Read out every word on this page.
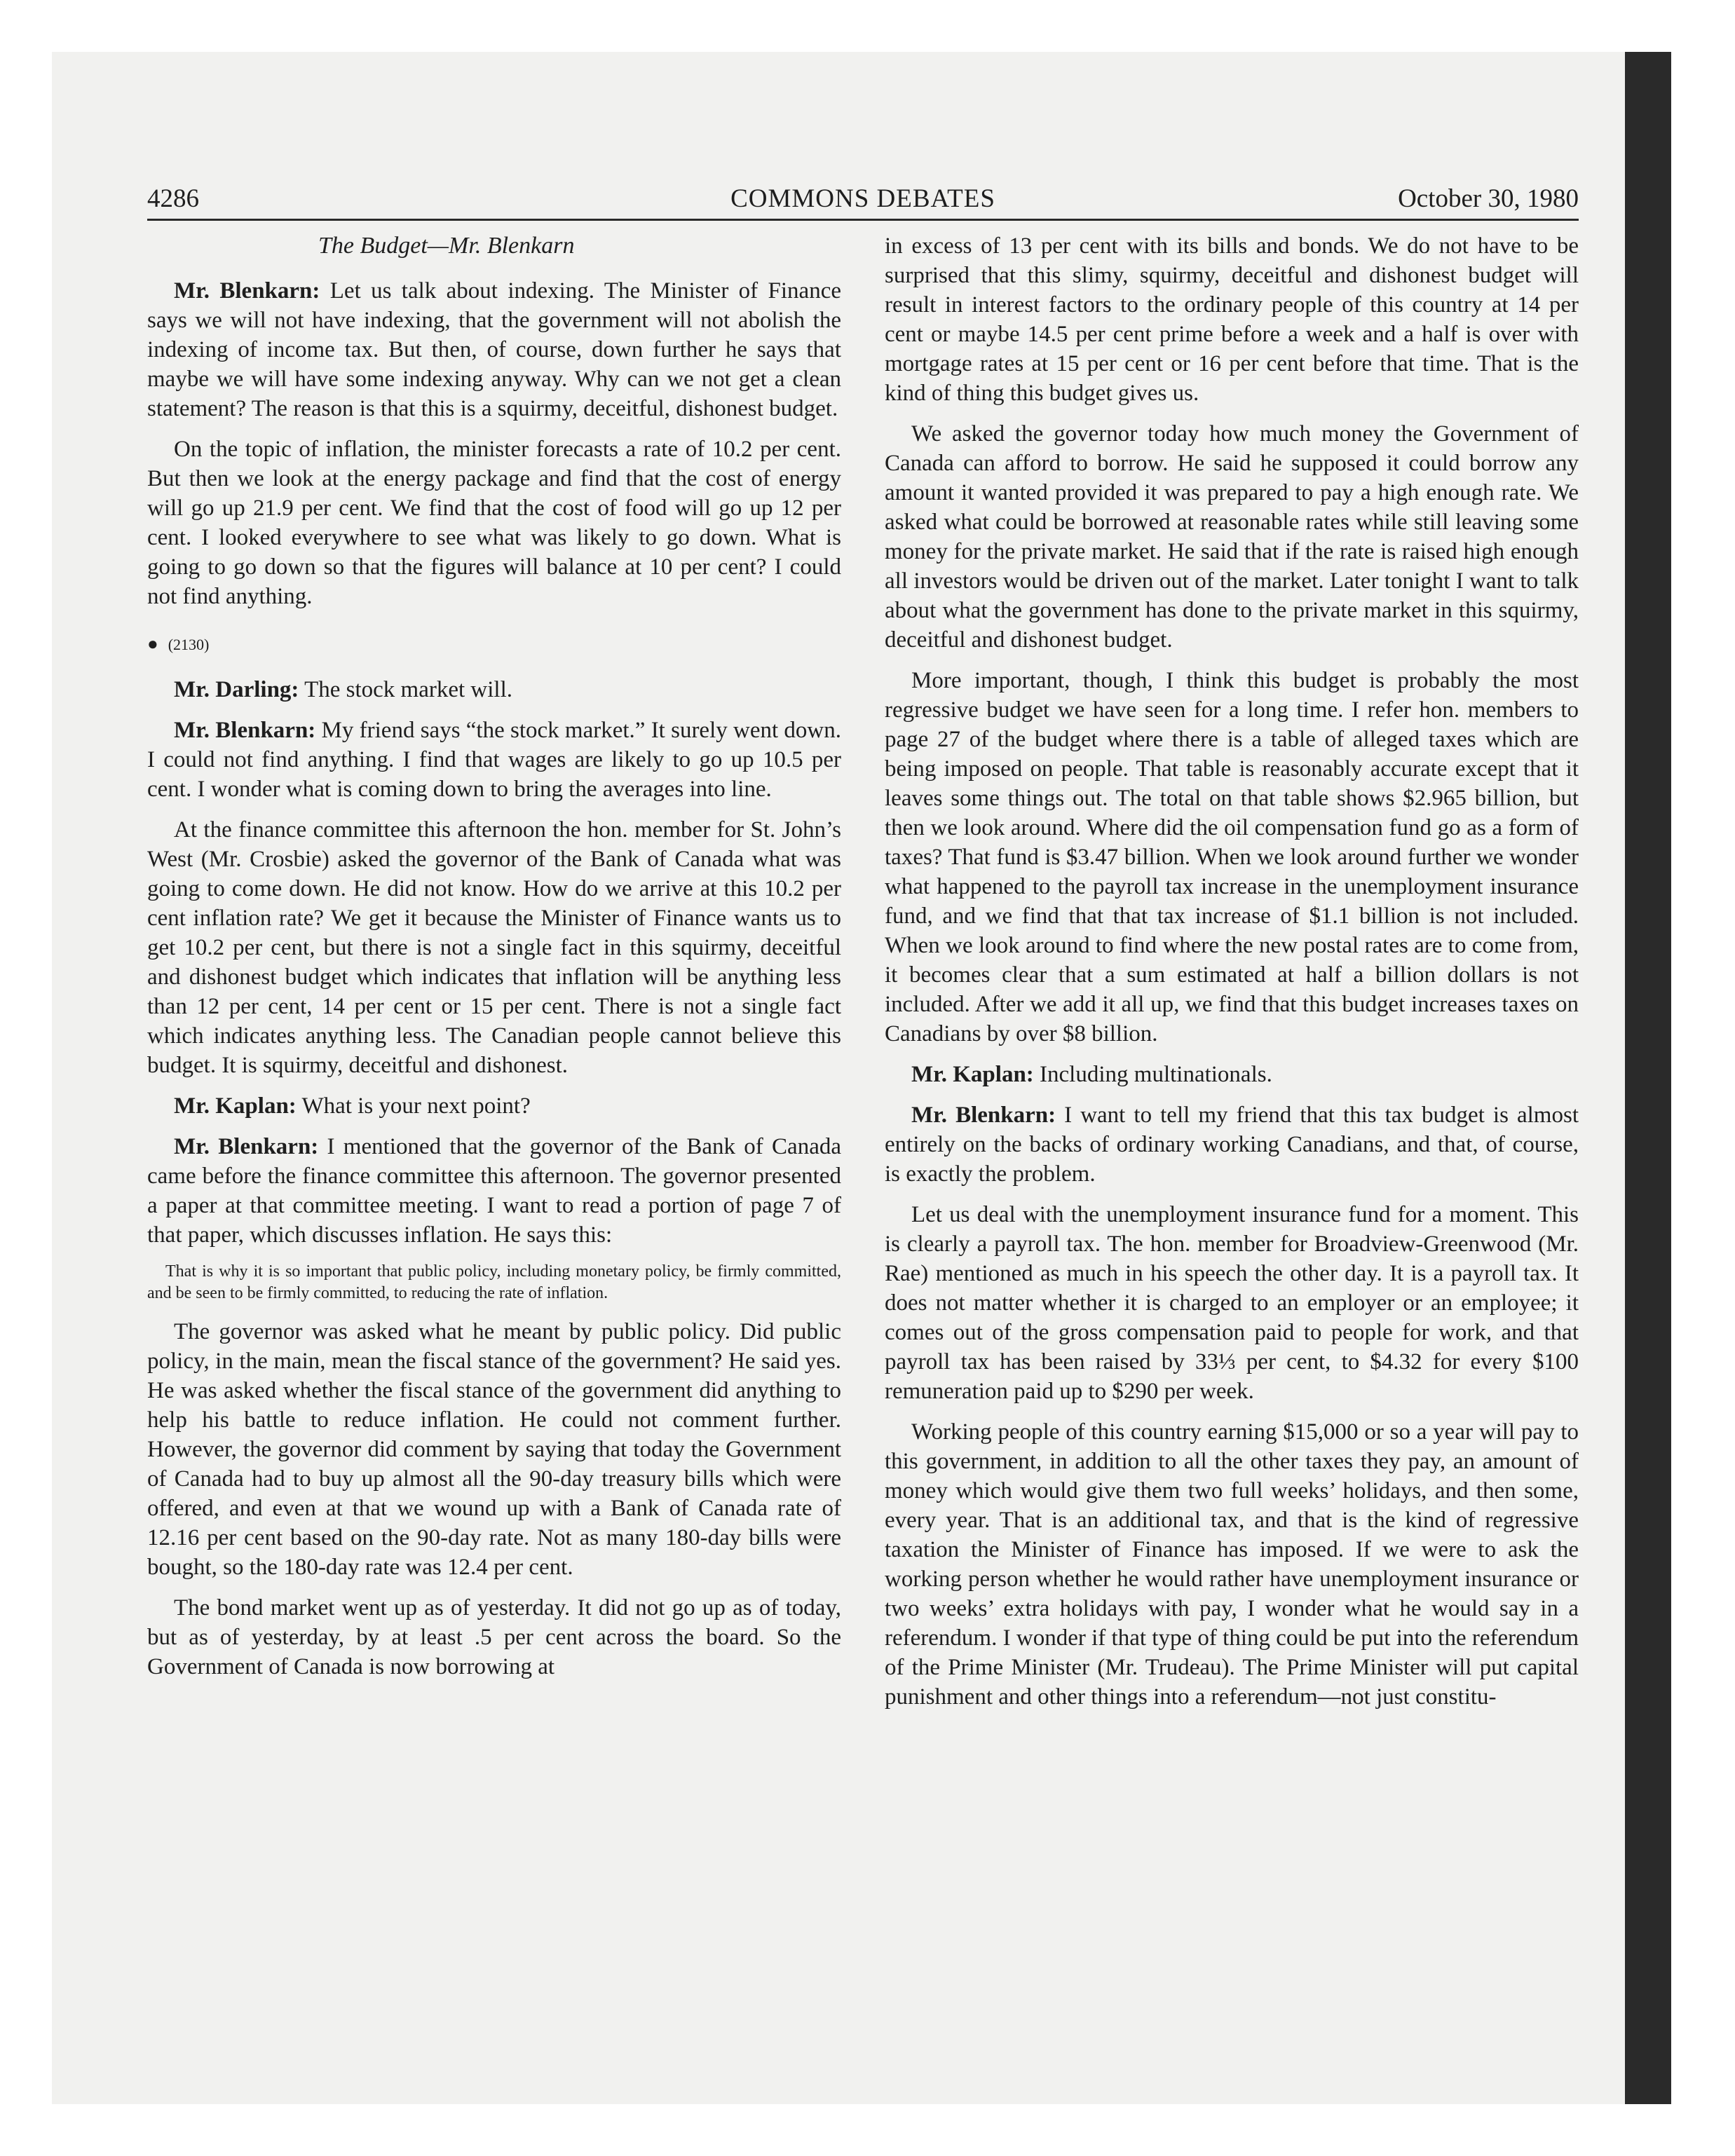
4286	COMMONS DEBATES	October 30, 1980
The Budget—Mr. Blenkarn

Mr. Blenkarn: Let us talk about indexing. The Minister of Finance says we will not have indexing, that the government will not abolish the indexing of income tax. But then, of course, down further he says that maybe we will have some indexing anyway. Why can we not get a clean statement? The reason is that this is a squirmy, deceitful, dishonest budget.

On the topic of inflation, the minister forecasts a rate of 10.2 per cent. But then we look at the energy package and find that the cost of energy will go up 21.9 per cent. We find that the cost of food will go up 12 per cent. I looked everywhere to see what was likely to go down. What is going to go down so that the figures will balance at 10 per cent? I could not find anything.

● (2130)

Mr. Darling: The stock market will.

Mr. Blenkarn: My friend says “the stock market.” It surely went down. I could not find anything. I find that wages are likely to go up 10.5 per cent. I wonder what is coming down to bring the averages into line.

At the finance committee this afternoon the hon. member for St. John’s West (Mr. Crosbie) asked the governor of the Bank of Canada what was going to come down. He did not know. How do we arrive at this 10.2 per cent inflation rate? We get it because the Minister of Finance wants us to get 10.2 per cent, but there is not a single fact in this squirmy, deceitful and dishonest budget which indicates that inflation will be anything less than 12 per cent, 14 per cent or 15 per cent. There is not a single fact which indicates anything less. The Canadian people cannot believe this budget. It is squirmy, deceitful and dishonest.

Mr. Kaplan: What is your next point?

Mr. Blenkarn: I mentioned that the governor of the Bank of Canada came before the finance committee this afternoon. The governor presented a paper at that committee meeting. I want to read a portion of page 7 of that paper, which discusses inflation. He says this:

That is why it is so important that public policy, including monetary policy, be firmly committed, and be seen to be firmly committed, to reducing the rate of inflation.

The governor was asked what he meant by public policy. Did public policy, in the main, mean the fiscal stance of the government? He said yes. He was asked whether the fiscal stance of the government did anything to help his battle to reduce inflation. He could not comment further. However, the governor did comment by saying that today the Government of Canada had to buy up almost all the 90-day treasury bills which were offered, and even at that we wound up with a Bank of Canada rate of 12.16 per cent based on the 90-day rate. Not as many 180-day bills were bought, so the 180-day rate was 12.4 per cent.

The bond market went up as of yesterday. It did not go up as of today, but as of yesterday, by at least .5 per cent across the board. So the Government of Canada is now borrowing at

in excess of 13 per cent with its bills and bonds. We do not have to be surprised that this slimy, squirmy, deceitful and dishonest budget will result in interest factors to the ordinary people of this country at 14 per cent or maybe 14.5 per cent prime before a week and a half is over with mortgage rates at 15 per cent or 16 per cent before that time. That is the kind of thing this budget gives us.

We asked the governor today how much money the Government of Canada can afford to borrow. He said he supposed it could borrow any amount it wanted provided it was prepared to pay a high enough rate. We asked what could be borrowed at reasonable rates while still leaving some money for the private market. He said that if the rate is raised high enough all investors would be driven out of the market. Later tonight I want to talk about what the government has done to the private market in this squirmy, deceitful and dishonest budget.

More important, though, I think this budget is probably the most regressive budget we have seen for a long time. I refer hon. members to page 27 of the budget where there is a table of alleged taxes which are being imposed on people. That table is reasonably accurate except that it leaves some things out. The total on that table shows $2.965 billion, but then we look around. Where did the oil compensation fund go as a form of taxes? That fund is $3.47 billion. When we look around further we wonder what happened to the payroll tax increase in the unemployment insurance fund, and we find that that tax increase of $1.1 billion is not included. When we look around to find where the new postal rates are to come from, it becomes clear that a sum estimated at half a billion dollars is not included. After we add it all up, we find that this budget increases taxes on Canadians by over $8 billion.

Mr. Kaplan: Including multinationals.

Mr. Blenkarn: I want to tell my friend that this tax budget is almost entirely on the backs of ordinary working Canadians, and that, of course, is exactly the problem.

Let us deal with the unemployment insurance fund for a moment. This is clearly a payroll tax. The hon. member for Broadview-Greenwood (Mr. Rae) mentioned as much in his speech the other day. It is a payroll tax. It does not matter whether it is charged to an employer or an employee; it comes out of the gross compensation paid to people for work, and that payroll tax has been raised by 33⅓ per cent, to $4.32 for every $100 remuneration paid up to $290 per week.

Working people of this country earning $15,000 or so a year will pay to this government, in addition to all the other taxes they pay, an amount of money which would give them two full weeks’ holidays, and then some, every year. That is an additional tax, and that is the kind of regressive taxation the Minister of Finance has imposed. If we were to ask the working person whether he would rather have unemployment insurance or two weeks’ extra holidays with pay, I wonder what he would say in a referendum. I wonder if that type of thing could be put into the referendum of the Prime Minister (Mr. Trudeau). The Prime Minister will put capital punishment and other things into a referendum—not just constitu-
